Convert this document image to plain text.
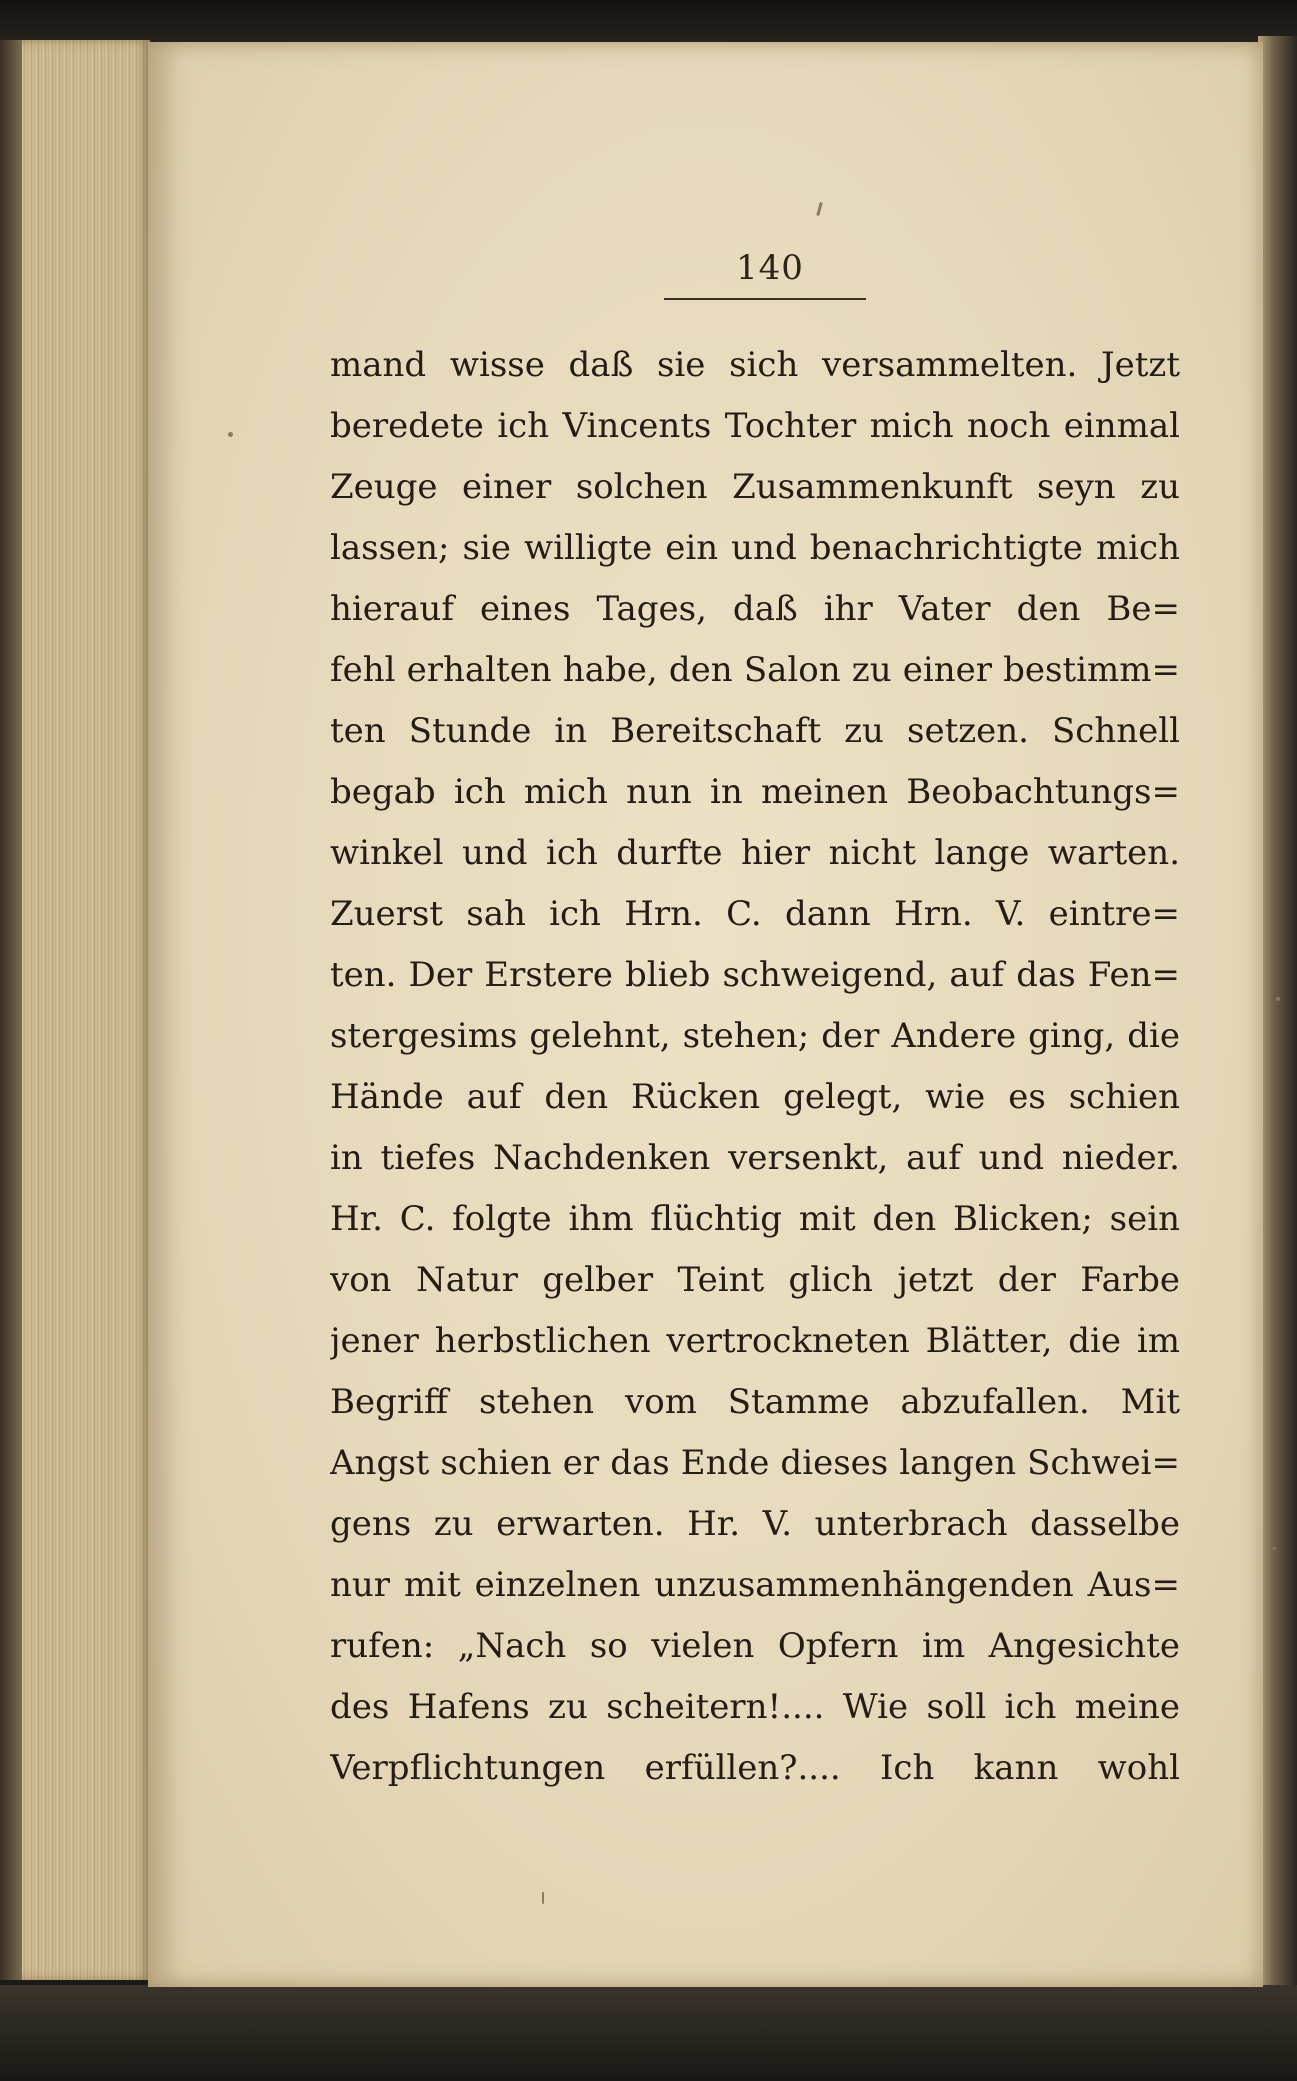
140
mand wisse daß sie sich versammelten. Jetzt
beredete ich Vincents Tochter mich noch einmal
Zeuge einer solchen Zusammenkunft seyn zu
lassen; sie willigte ein und benachrichtigte mich
hierauf eines Tages, daß ihr Vater den Be=
fehl erhalten habe, den Salon zu einer bestimm=
ten Stunde in Bereitschaft zu setzen. Schnell
begab ich mich nun in meinen Beobachtungs=
winkel und ich durfte hier nicht lange warten.
Zuerst sah ich Hrn. C. dann Hrn. V. eintre=
ten. Der Erstere blieb schweigend, auf das Fen=
stergesims gelehnt, stehen; der Andere ging, die
Hände auf den Rücken gelegt, wie es schien
in tiefes Nachdenken versenkt, auf und nieder.
Hr. C. folgte ihm flüchtig mit den Blicken; sein
von Natur gelber Teint glich jetzt der Farbe
jener herbstlichen vertrockneten Blätter, die im
Begriff stehen vom Stamme abzufallen. Mit
Angst schien er das Ende dieses langen Schwei=
gens zu erwarten. Hr. V. unterbrach dasselbe
nur mit einzelnen unzusammenhängenden Aus=
rufen: „Nach so vielen Opfern im Angesichte
des Hafens zu scheitern!.... Wie soll ich meine
Verpflichtungen erfüllen?.... Ich kann wohl
